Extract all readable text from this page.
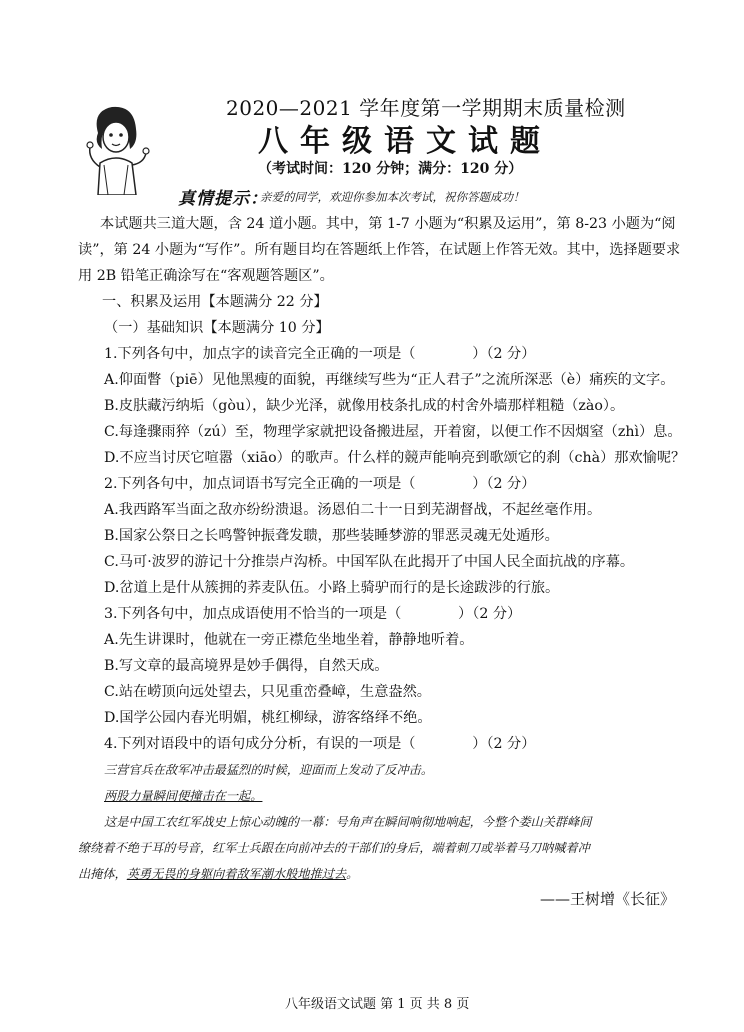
2020—2021 学年度第一学期期末质量检测
八年级语文试题
（考试时间：120 分钟；满分：120 分）
真情提示：
亲爱的同学，欢迎你参加本次考试，祝你答题成功！
本试题共三道大题，含 24 道小题。其中，第 1-7 小题为“积累及运用”，第 8-23 小题为“阅
读”，第 24 小题为“写作”。所有题目均在答题纸上作答，在试题上作答无效。其中，选择题要求
用 2B 铅笔正确涂写在“客观题答题区”。
一、积累及运用【本题满分 22 分】
（一）基础知识【本题满分 10 分】
1.下列各句中，加点字的读音完全正确的一项是（　　　　）（2 分）
A.仰面瞥（piē）见他黑瘦的面貌，再继续写些为“正人君子”之流所深恶（è）痛疾的文字。
B.皮肤藏污纳垢（gòu），缺少光泽，就像用枝条扎成的村舍外墙那样粗糙（zào）。
C.每逢骤雨猝（zú）至，物理学家就把设备搬进屋，开着窗，以便工作不因烟窒（zhì）息。
D.不应当讨厌它喧嚣（xiāo）的歌声。什么样的競声能响亮到歌颂它的刹（chà）那欢愉呢？
2.下列各句中，加点词语书写完全正确的一项是（　　　　）（2 分）
A.我西路军当面之敌亦纷纷溃退。汤恩伯二十一日到芜湖督战，不起丝毫作用。
B.国家公祭日之长鸣警钟振聋发聩，那些装睡梦游的罪恶灵魂无处遁形。
C.马可·波罗的游记十分推崇卢沟桥。中国军队在此揭开了中国人民全面抗战的序幕。
D.岔道上是什从簇拥的荞麦队伍。小路上骑驴而行的是长途跋涉的行旅。
3.下列各句中，加点成语使用不恰当的一项是（　　　　）（2 分）
A.先生讲课时，他就在一旁正襟危坐地坐着，静静地听着。
B.写文章的最高境界是妙手偶得，自然天成。
C.站在崂顶向远处望去，只见重峦叠嶂，生意盎然。
D.国学公园内春光明媚，桃红柳绿，游客络绎不绝。
4.下列对语段中的语句成分分析，有误的一项是（　　　　）（2 分）
三营官兵在敌军冲击最猛烈的时候，迎面而上发动了反冲击。
两股力量瞬间便撞击在一起。
这是中国工农红军战史上惊心动魄的一幕：号角声在瞬间响彻地响起，今整个娄山关群峰间
缭绕着不绝于耳的号音，红军士兵跟在向前冲去的干部们的身后，端着刺刀或举着马刀呐喊着冲
出掩体，英勇无畏的身躯向着敌军潮水般地推过去。
——王树增《长征》
八年级语文试题 第 1 页 共 8 页
